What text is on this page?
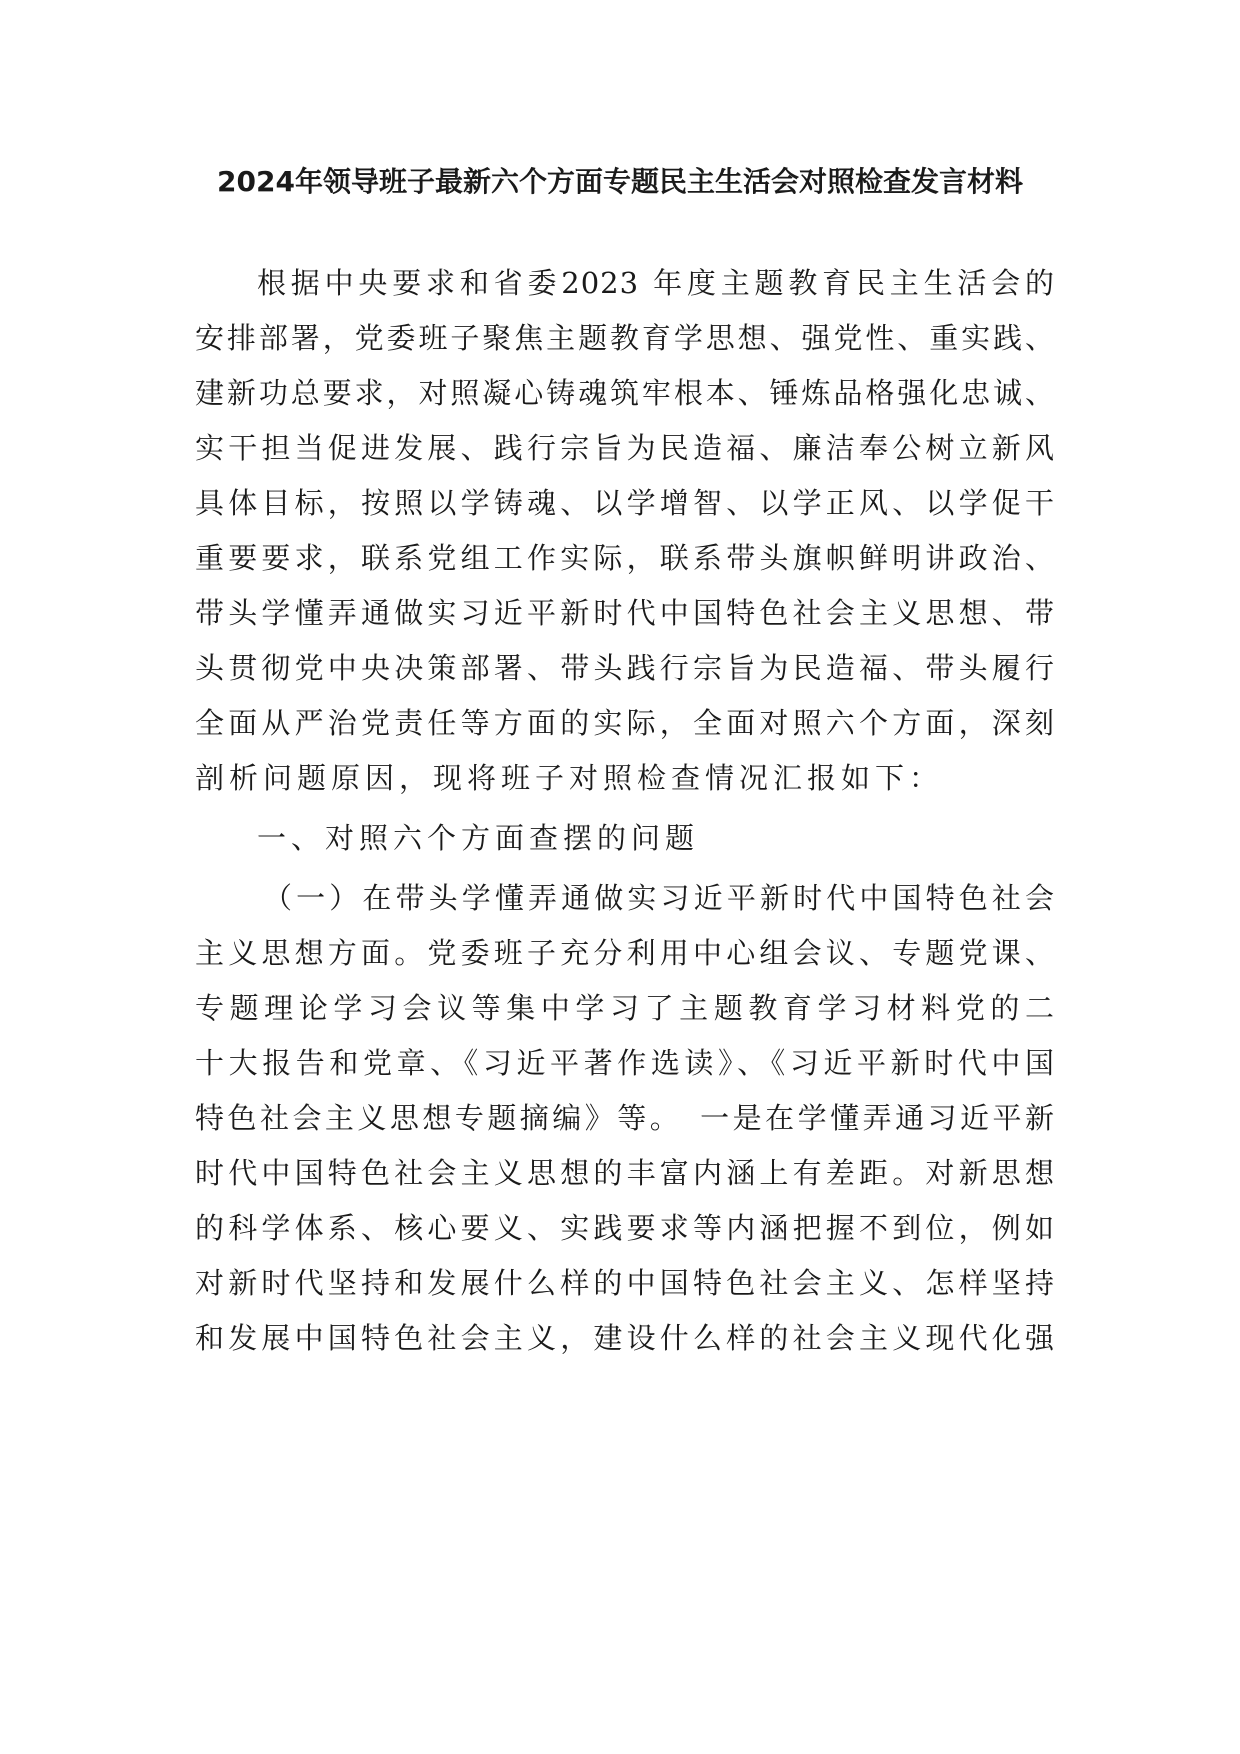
2024年领导班子最新六个方面专题民主生活会对照检查发言材料
根据中央要求和省委2023 年度主题教育民主生活会的
安排部署，党委班子聚焦主题教育学思想、强党性、重实践、
建新功总要求，对照凝心铸魂筑牢根本、锤炼品格强化忠诚、
实干担当促进发展、践行宗旨为民造福、廉洁奉公树立新风
具体目标，按照以学铸魂、以学增智、以学正风、以学促干
重要要求，联系党组工作实际，联系带头旗帜鲜明讲政治、
带头学懂弄通做实习近平新时代中国特色社会主义思想、带
头贯彻党中央决策部署、带头践行宗旨为民造福、带头履行
全面从严治党责任等方面的实际，全面对照六个方面，深刻
剖析问题原因，现将班子对照检查情况汇报如下：
一、对照六个方面查摆的问题
（一）在带头学懂弄通做实习近平新时代中国特色社会
主义思想方面。党委班子充分利用中心组会议、专题党课、
专题理论学习会议等集中学习了主题教育学习材料党的二
十大报告和党章、《习近平著作选读》、《习近平新时代中国
特色社会主义思想专题摘编》等。　一是在学懂弄通习近平新
时代中国特色社会主义思想的丰富内涵上有差距。对新思想
的科学体系、核心要义、实践要求等内涵把握不到位，例如
对新时代坚持和发展什么样的中国特色社会主义、怎样坚持
和发展中国特色社会主义，建设什么样的社会主义现代化强
